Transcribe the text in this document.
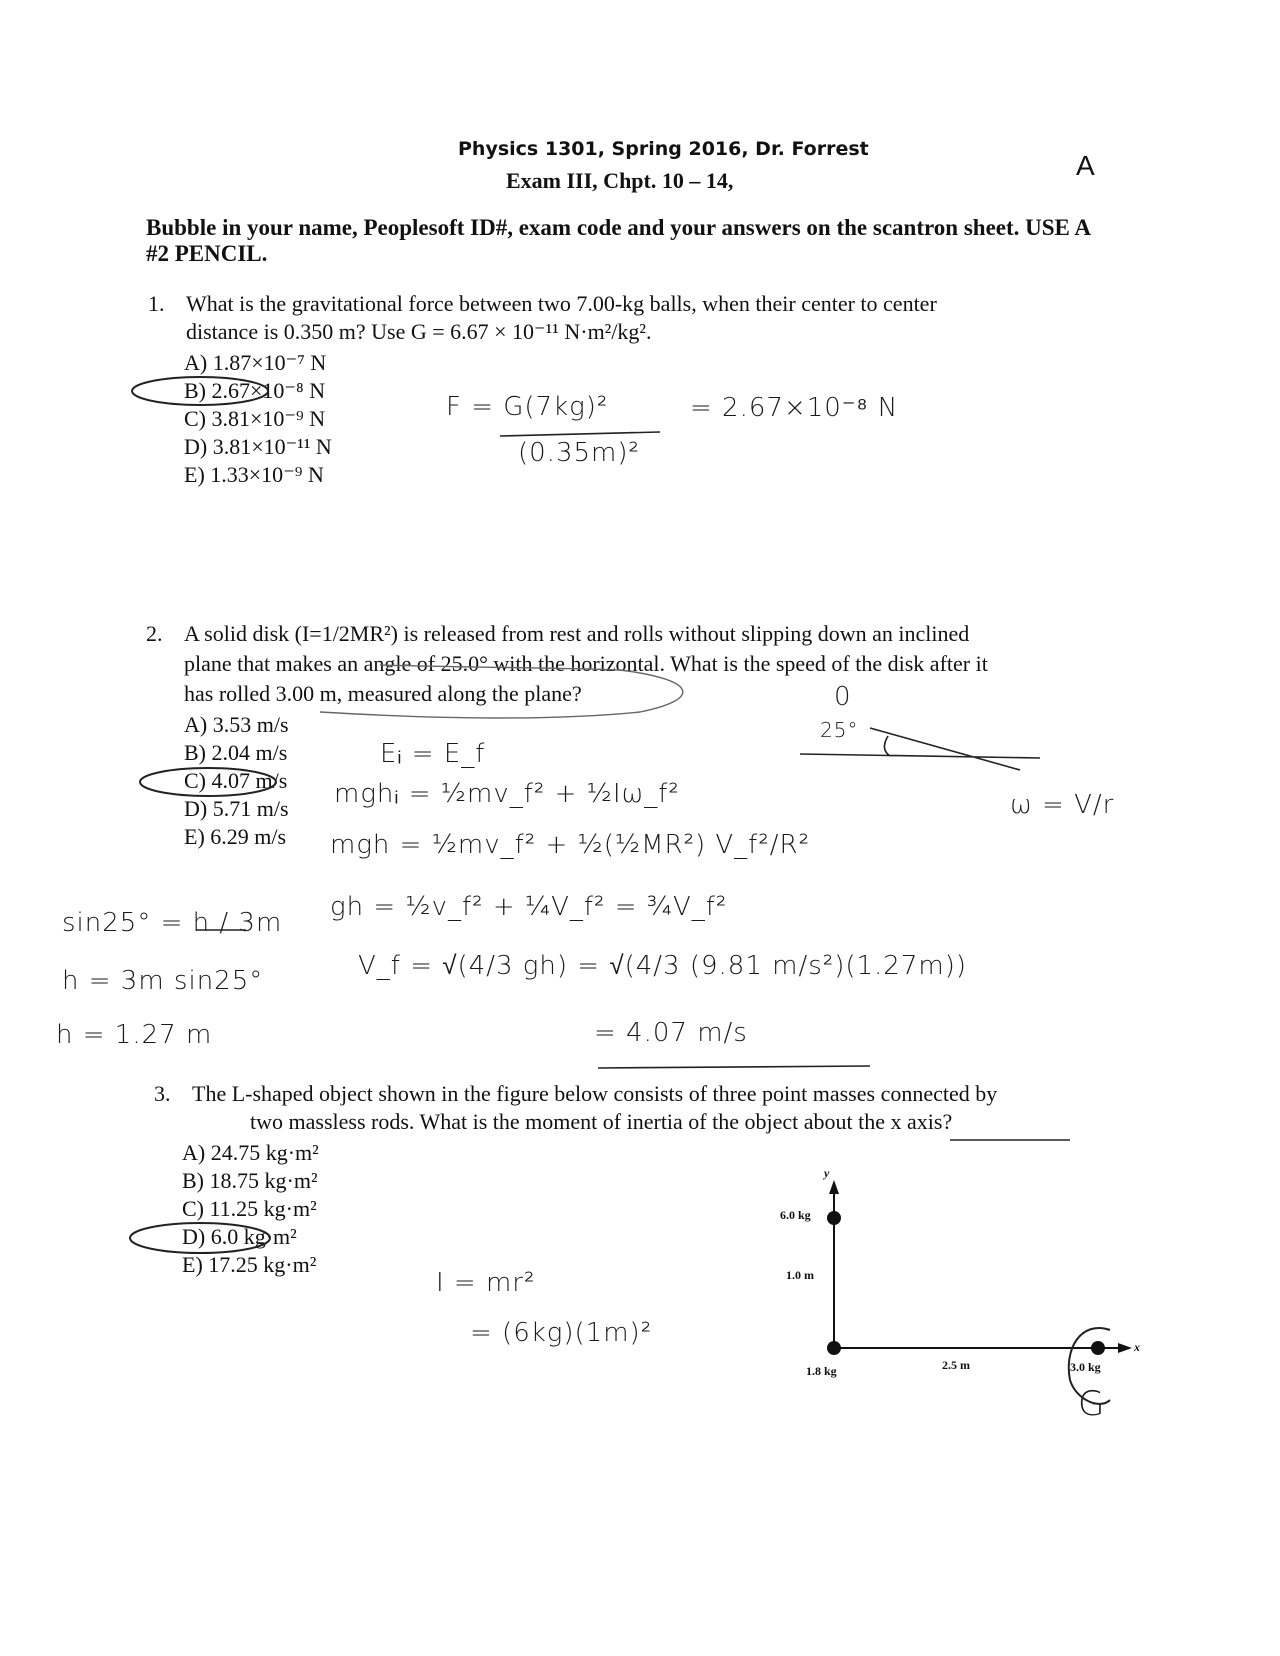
Physics 1301, Spring 2016, Dr. Forrest
Exam III, Chpt. 10 – 14,	A
Bubble in your name, Peoplesoft ID#, exam code and your answers on the scantron sheet. USE A #2 PENCIL.
1. What is the gravitational force between two 7.00-kg balls, when their center to center
distance is 0.350 m? Use G = 6.67 × 10⁻¹¹ N·m²/kg².
A) 1.87×10⁻⁷ N
B) 2.67×10⁻⁸ N
C) 3.81×10⁻⁹ N
D) 3.81×10⁻¹¹ N
E) 1.33×10⁻⁹ N
F = G(7kg)²
(0.35m)²
= 2.67×10⁻⁸ N
2. A solid disk (I=1/2MR²) is released from rest and rolls without slipping down an inclined
plane that makes an angle of 25.0° with the horizontal. What is the speed of the disk after it
has rolled 3.00 m, measured along the plane?
A) 3.53 m/s
B) 2.04 m/s
C) 4.07 m/s
D) 5.71 m/s
E) 6.29 m/s
0
25°
Eᵢ = E_f
mghᵢ = ½mv_f² + ½Iω_f²	ω = V/r
mgh = ½mv_f² + ½(½MR²) V_f²/R²
gh = ½v_f² + ¼V_f² = ¾V_f²
V_f = √(4/3 gh) = √(4/3 (9.81 m/s²)(1.27m))
= 4.07 m/s
sin25° = h / 3m
h = 3m sin25°
h = 1.27 m
3. The L-shaped object shown in the figure below consists of three point masses connected by
two massless rods. What is the moment of inertia of the object about the x axis?
A) 24.75 kg·m²
B) 18.75 kg·m²
C) 11.25 kg·m²
D) 6.0 kg·m²
E) 17.25 kg·m²
I = mr²
= (6kg)(1m)²
y
x
6.0 kg
1.0 m
1.8 kg	2.5 m	3.0 kg
G
